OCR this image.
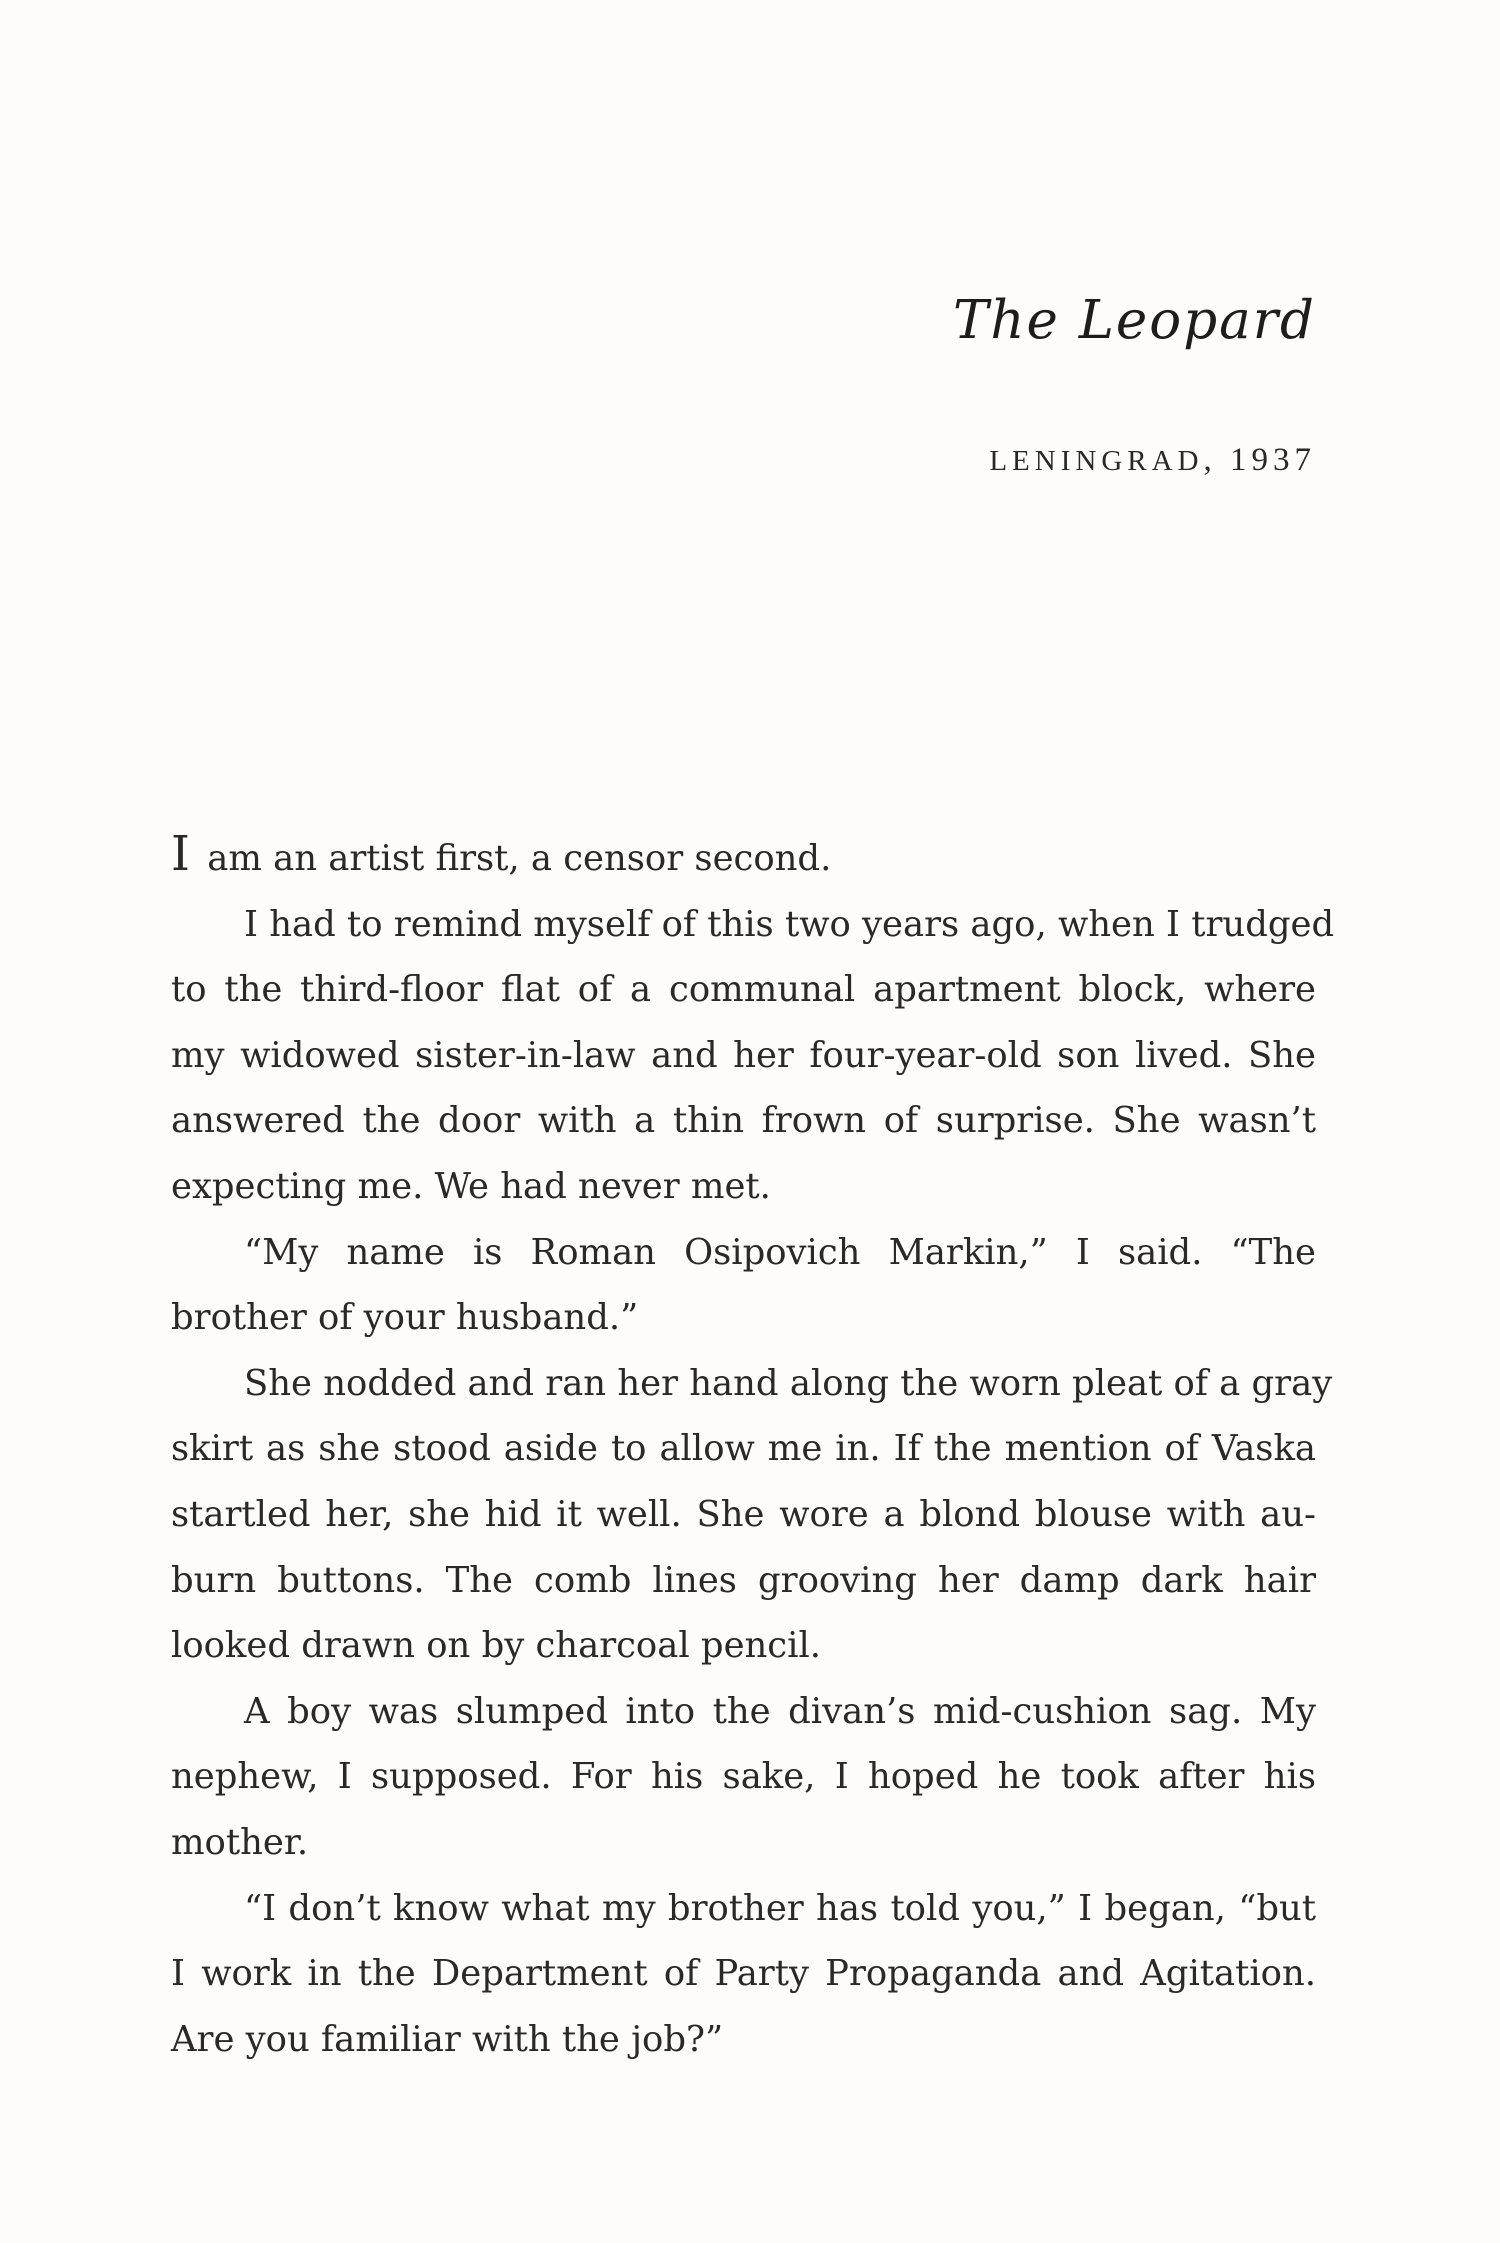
The Leopard

LENINGRAD, 1937

I am an artist first, a censor second.
I had to remind myself of this two years ago, when I trudged
to the third-floor flat of a communal apartment block, where
my widowed sister-in-law and her four-year-old son lived. She
answered the door with a thin frown of surprise. She wasn’t
expecting me. We had never met.
“My name is Roman Osipovich Markin,” I said. “The
brother of your husband.”
She nodded and ran her hand along the worn pleat of a gray
skirt as she stood aside to allow me in. If the mention of Vaska
startled her, she hid it well. She wore a blond blouse with au-
burn buttons. The comb lines grooving her damp dark hair
looked drawn on by charcoal pencil.
A boy was slumped into the divan’s mid-cushion sag. My
nephew, I supposed. For his sake, I hoped he took after his
mother.
“I don’t know what my brother has told you,” I began, “but
I work in the Department of Party Propaganda and Agitation.
Are you familiar with the job?”
